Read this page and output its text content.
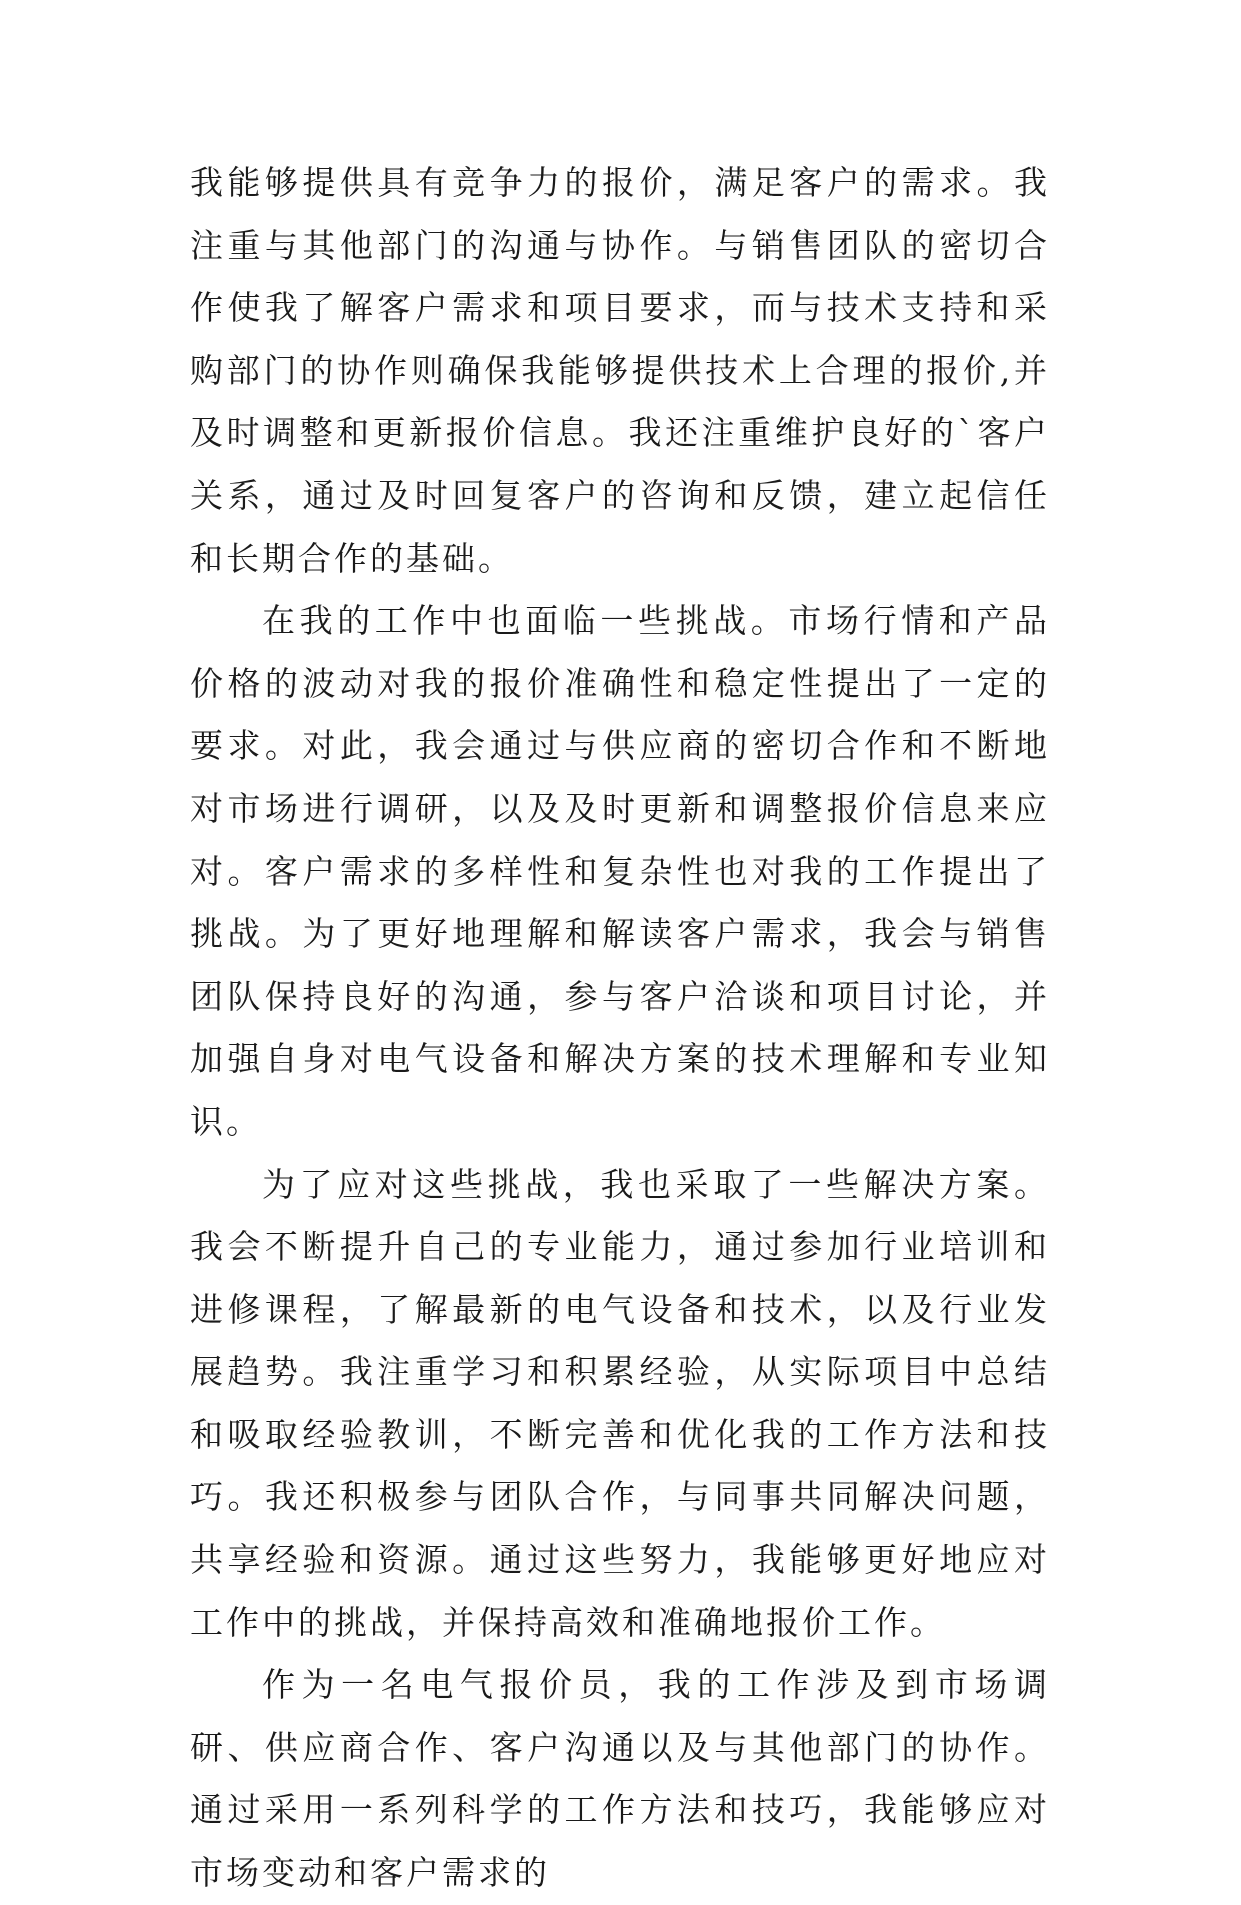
我能够提供具有竞争力的报价，满足客户的需求。我注重与其他部门的沟通与协作。与销售团队的密切合作使我了解客户需求和项目要求，而与技术支持和采购部门的协作则确保我能够提供技术上合理的报价,并及时调整和更新报价信息。我还注重维护良好的`客户关系，通过及时回复客户的咨询和反馈，建立起信任和长期合作的基础。

在我的工作中也面临一些挑战。市场行情和产品价格的波动对我的报价准确性和稳定性提出了一定的要求。对此，我会通过与供应商的密切合作和不断地对市场进行调研，以及及时更新和调整报价信息来应对。客户需求的多样性和复杂性也对我的工作提出了挑战。为了更好地理解和解读客户需求，我会与销售团队保持良好的沟通，参与客户洽谈和项目讨论，并加强自身对电气设备和解决方案的技术理解和专业知识。

为了应对这些挑战，我也采取了一些解决方案。我会不断提升自己的专业能力，通过参加行业培训和进修课程，了解最新的电气设备和技术，以及行业发展趋势。我注重学习和积累经验，从实际项目中总结和吸取经验教训，不断完善和优化我的工作方法和技巧。我还积极参与团队合作，与同事共同解决问题，共享经验和资源。通过这些努力，我能够更好地应对工作中的挑战，并保持高效和准确地报价工作。

作为一名电气报价员，我的工作涉及到市场调研、供应商合作、客户沟通以及与其他部门的协作。通过采用一系列科学的工作方法和技巧，我能够应对市场变动和客户需求的
